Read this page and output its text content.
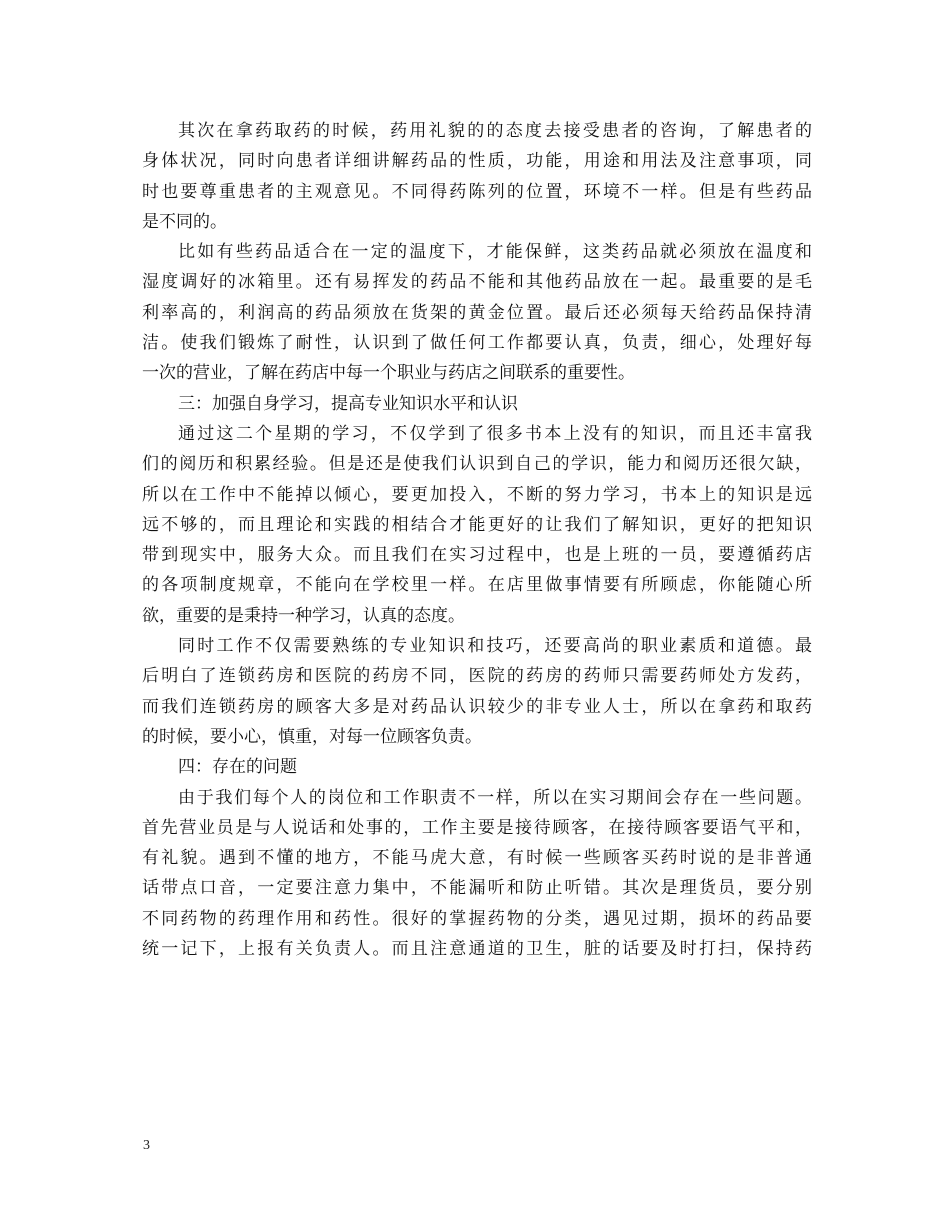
其次在拿药取药的时候，药用礼貌的的态度去接受患者的咨询，了解患者的
身体状况，同时向患者详细讲解药品的性质，功能，用途和用法及注意事项，同
时也要尊重患者的主观意见。不同得药陈列的位置，环境不一样。但是有些药品
是不同的。
比如有些药品适合在一定的温度下，才能保鲜，这类药品就必须放在温度和
湿度调好的冰箱里。还有易挥发的药品不能和其他药品放在一起。最重要的是毛
利率高的，利润高的药品须放在货架的黄金位置。最后还必须每天给药品保持清
洁。使我们锻炼了耐性，认识到了做任何工作都要认真，负责，细心，处理好每
一次的营业，了解在药店中每一个职业与药店之间联系的重要性。
三：加强自身学习，提高专业知识水平和认识
通过这二个星期的学习，不仅学到了很多书本上没有的知识，而且还丰富我
们的阅历和积累经验。但是还是使我们认识到自己的学识，能力和阅历还很欠缺，
所以在工作中不能掉以倾心，要更加投入，不断的努力学习，书本上的知识是远
远不够的，而且理论和实践的相结合才能更好的让我们了解知识，更好的把知识
带到现实中，服务大众。而且我们在实习过程中，也是上班的一员，要遵循药店
的各项制度规章，不能向在学校里一样。在店里做事情要有所顾虑，你能随心所
欲，重要的是秉持一种学习，认真的态度。
同时工作不仅需要熟练的专业知识和技巧，还要高尚的职业素质和道德。最
后明白了连锁药房和医院的药房不同，医院的药房的药师只需要药师处方发药，
而我们连锁药房的顾客大多是对药品认识较少的非专业人士，所以在拿药和取药
的时候，要小心，慎重，对每一位顾客负责。
四：存在的问题
由于我们每个人的岗位和工作职责不一样，所以在实习期间会存在一些问题。
首先营业员是与人说话和处事的，工作主要是接待顾客，在接待顾客要语气平和，
有礼貌。遇到不懂的地方，不能马虎大意，有时候一些顾客买药时说的是非普通
话带点口音，一定要注意力集中，不能漏听和防止听错。其次是理货员，要分别
不同药物的药理作用和药性。很好的掌握药物的分类，遇见过期，损坏的药品要
统一记下，上报有关负责人。而且注意通道的卫生，脏的话要及时打扫，保持药
3
